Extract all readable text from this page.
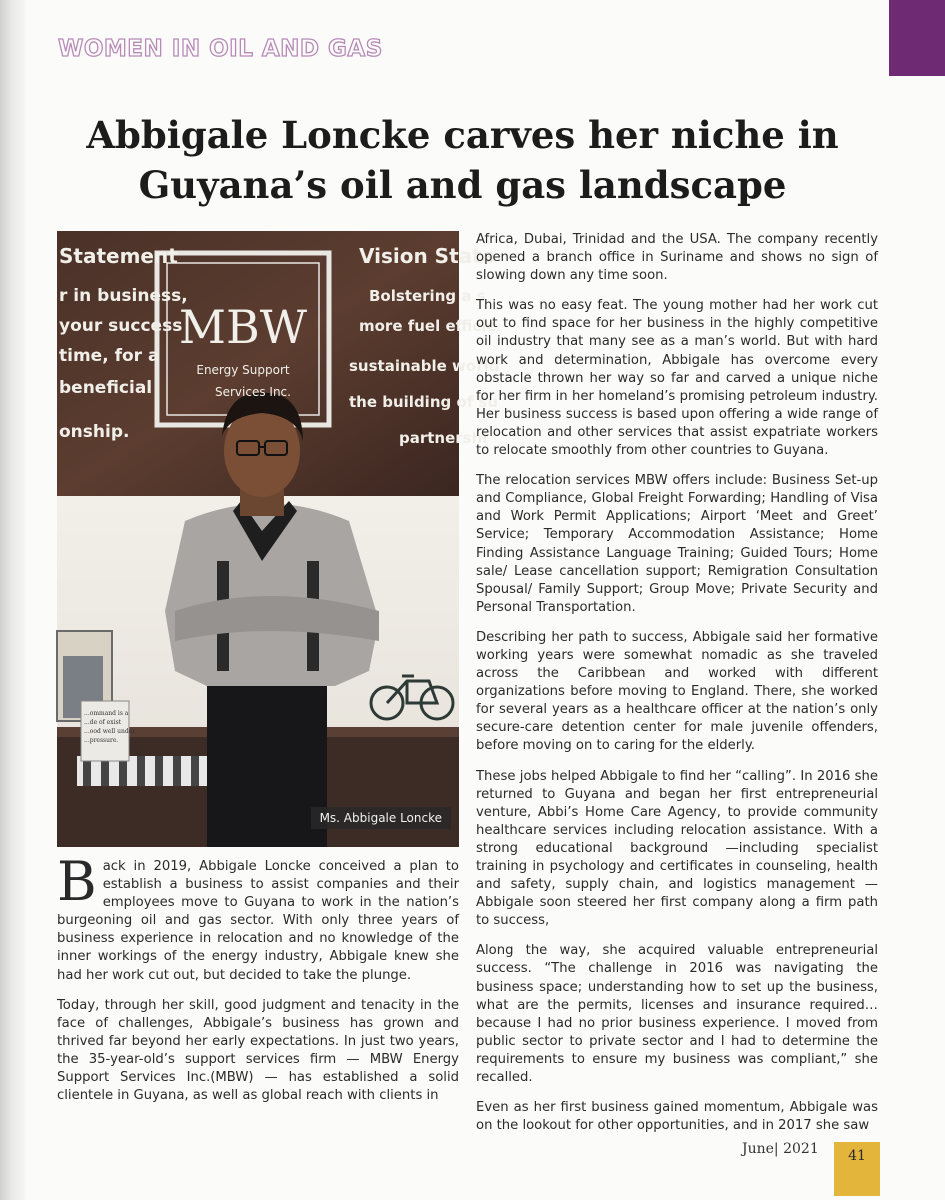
WOMEN IN OIL AND GAS
Abbigale Loncke carves her niche in Guyana’s oil and gas landscape
Statement
r in business,
your success
time, for a
beneficial
onship.
Vision State
Bolstering a s
more fuel efficie
sustainable world
the building of su
partnershi
MBW
Energy Support
Services Inc.
...ommand is a
...de of exist
...ood well under
...pressure.
Ms. Abbigale Loncke

Back in 2019, Abbigale Loncke conceived a plan to establish a business to assist companies and their employees move to Guyana to work in the nation’s burgeoning oil and gas sector. With only three years of business experience in relocation and no knowledge of the inner workings of the energy industry, Abbigale knew she had her work cut out, but decided to take the plunge.

Today, through her skill, good judgment and tenacity in the face of challenges, Abbigale’s business has grown and thrived far beyond her early expectations. In just two years, the 35-year-old’s support services firm — MBW Energy Support Services Inc.(MBW) — has established a solid clientele in Guyana, as well as global reach with clients in

Africa, Dubai, Trinidad and the USA. The company recently opened a branch office in Suriname and shows no sign of slowing down any time soon.

This was no easy feat. The young mother had her work cut out to find space for her business in the highly competitive oil industry that many see as a man’s world. But with hard work and determination, Abbigale has overcome every obstacle thrown her way so far and carved a unique niche for her firm in her homeland’s promising petroleum industry. Her business success is based upon offering a wide range of relocation and other services that assist expatriate workers to relocate smoothly from other countries to Guyana.

The relocation services MBW offers include: Business Set-up and Compliance, Global Freight Forwarding; Handling of Visa and Work Permit Applications; Airport ‘Meet and Greet’ Service; Temporary Accommodation Assistance; Home Finding Assistance Language Training; Guided Tours; Home sale/ Lease cancellation support; Remigration Consultation Spousal/ Family Support; Group Move; Private Security and Personal Transportation.

Describing her path to success, Abbigale said her formative working years were somewhat nomadic as she traveled across the Caribbean and worked with different organizations before moving to England. There, she worked for several years as a healthcare officer at the nation’s only secure-care detention center for male juvenile offenders, before moving on to caring for the elderly.

These jobs helped Abbigale to find her “calling”. In 2016 she returned to Guyana and began her first entrepreneurial venture, Abbi’s Home Care Agency, to provide community healthcare services including relocation assistance. With a strong educational background —including specialist training in psychology and certificates in counseling, health and safety, supply chain, and logistics management — Abbigale soon steered her first company along a firm path to success,

Along the way, she acquired valuable entrepreneurial success. “The challenge in 2016 was navigating the business space; understanding how to set up the business, what are the permits, licenses and insurance required…because I had no prior business experience. I moved from public sector to private sector and I had to determine the requirements to ensure my business was compliant,” she recalled.

Even as her first business gained momentum, Abbigale was on the lookout for other opportunities, and in 2017 she saw

June| 2021	41
